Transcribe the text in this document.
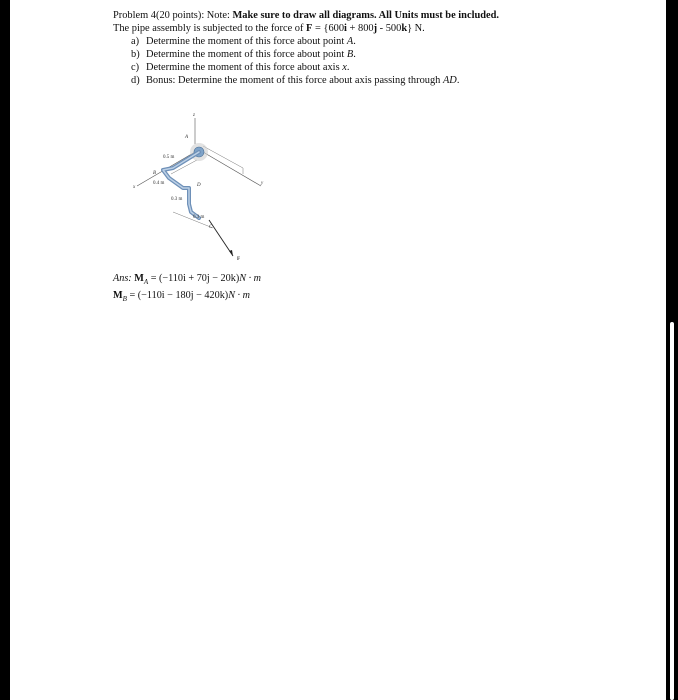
Problem 4(20 points): Note: Make sure to draw all diagrams. All Units must be included.
The pipe assembly is subjected to the force of F = {600i + 800j - 500k} N.
a) Determine the moment of this force about point A.
b) Determine the moment of this force about point B.
c) Determine the moment of this force about axis x.
d) Bonus: Determine the moment of this force about axis passing through AD.
z
y
x
A
0.5 m
0.4 m
0.3 m
0.3 m
B
D
C
F
Ans: $M_A = (-110i + 70j - 20k)N \cdot m$
$M_B = (-110i - 180j - 420k)N \cdot m$
